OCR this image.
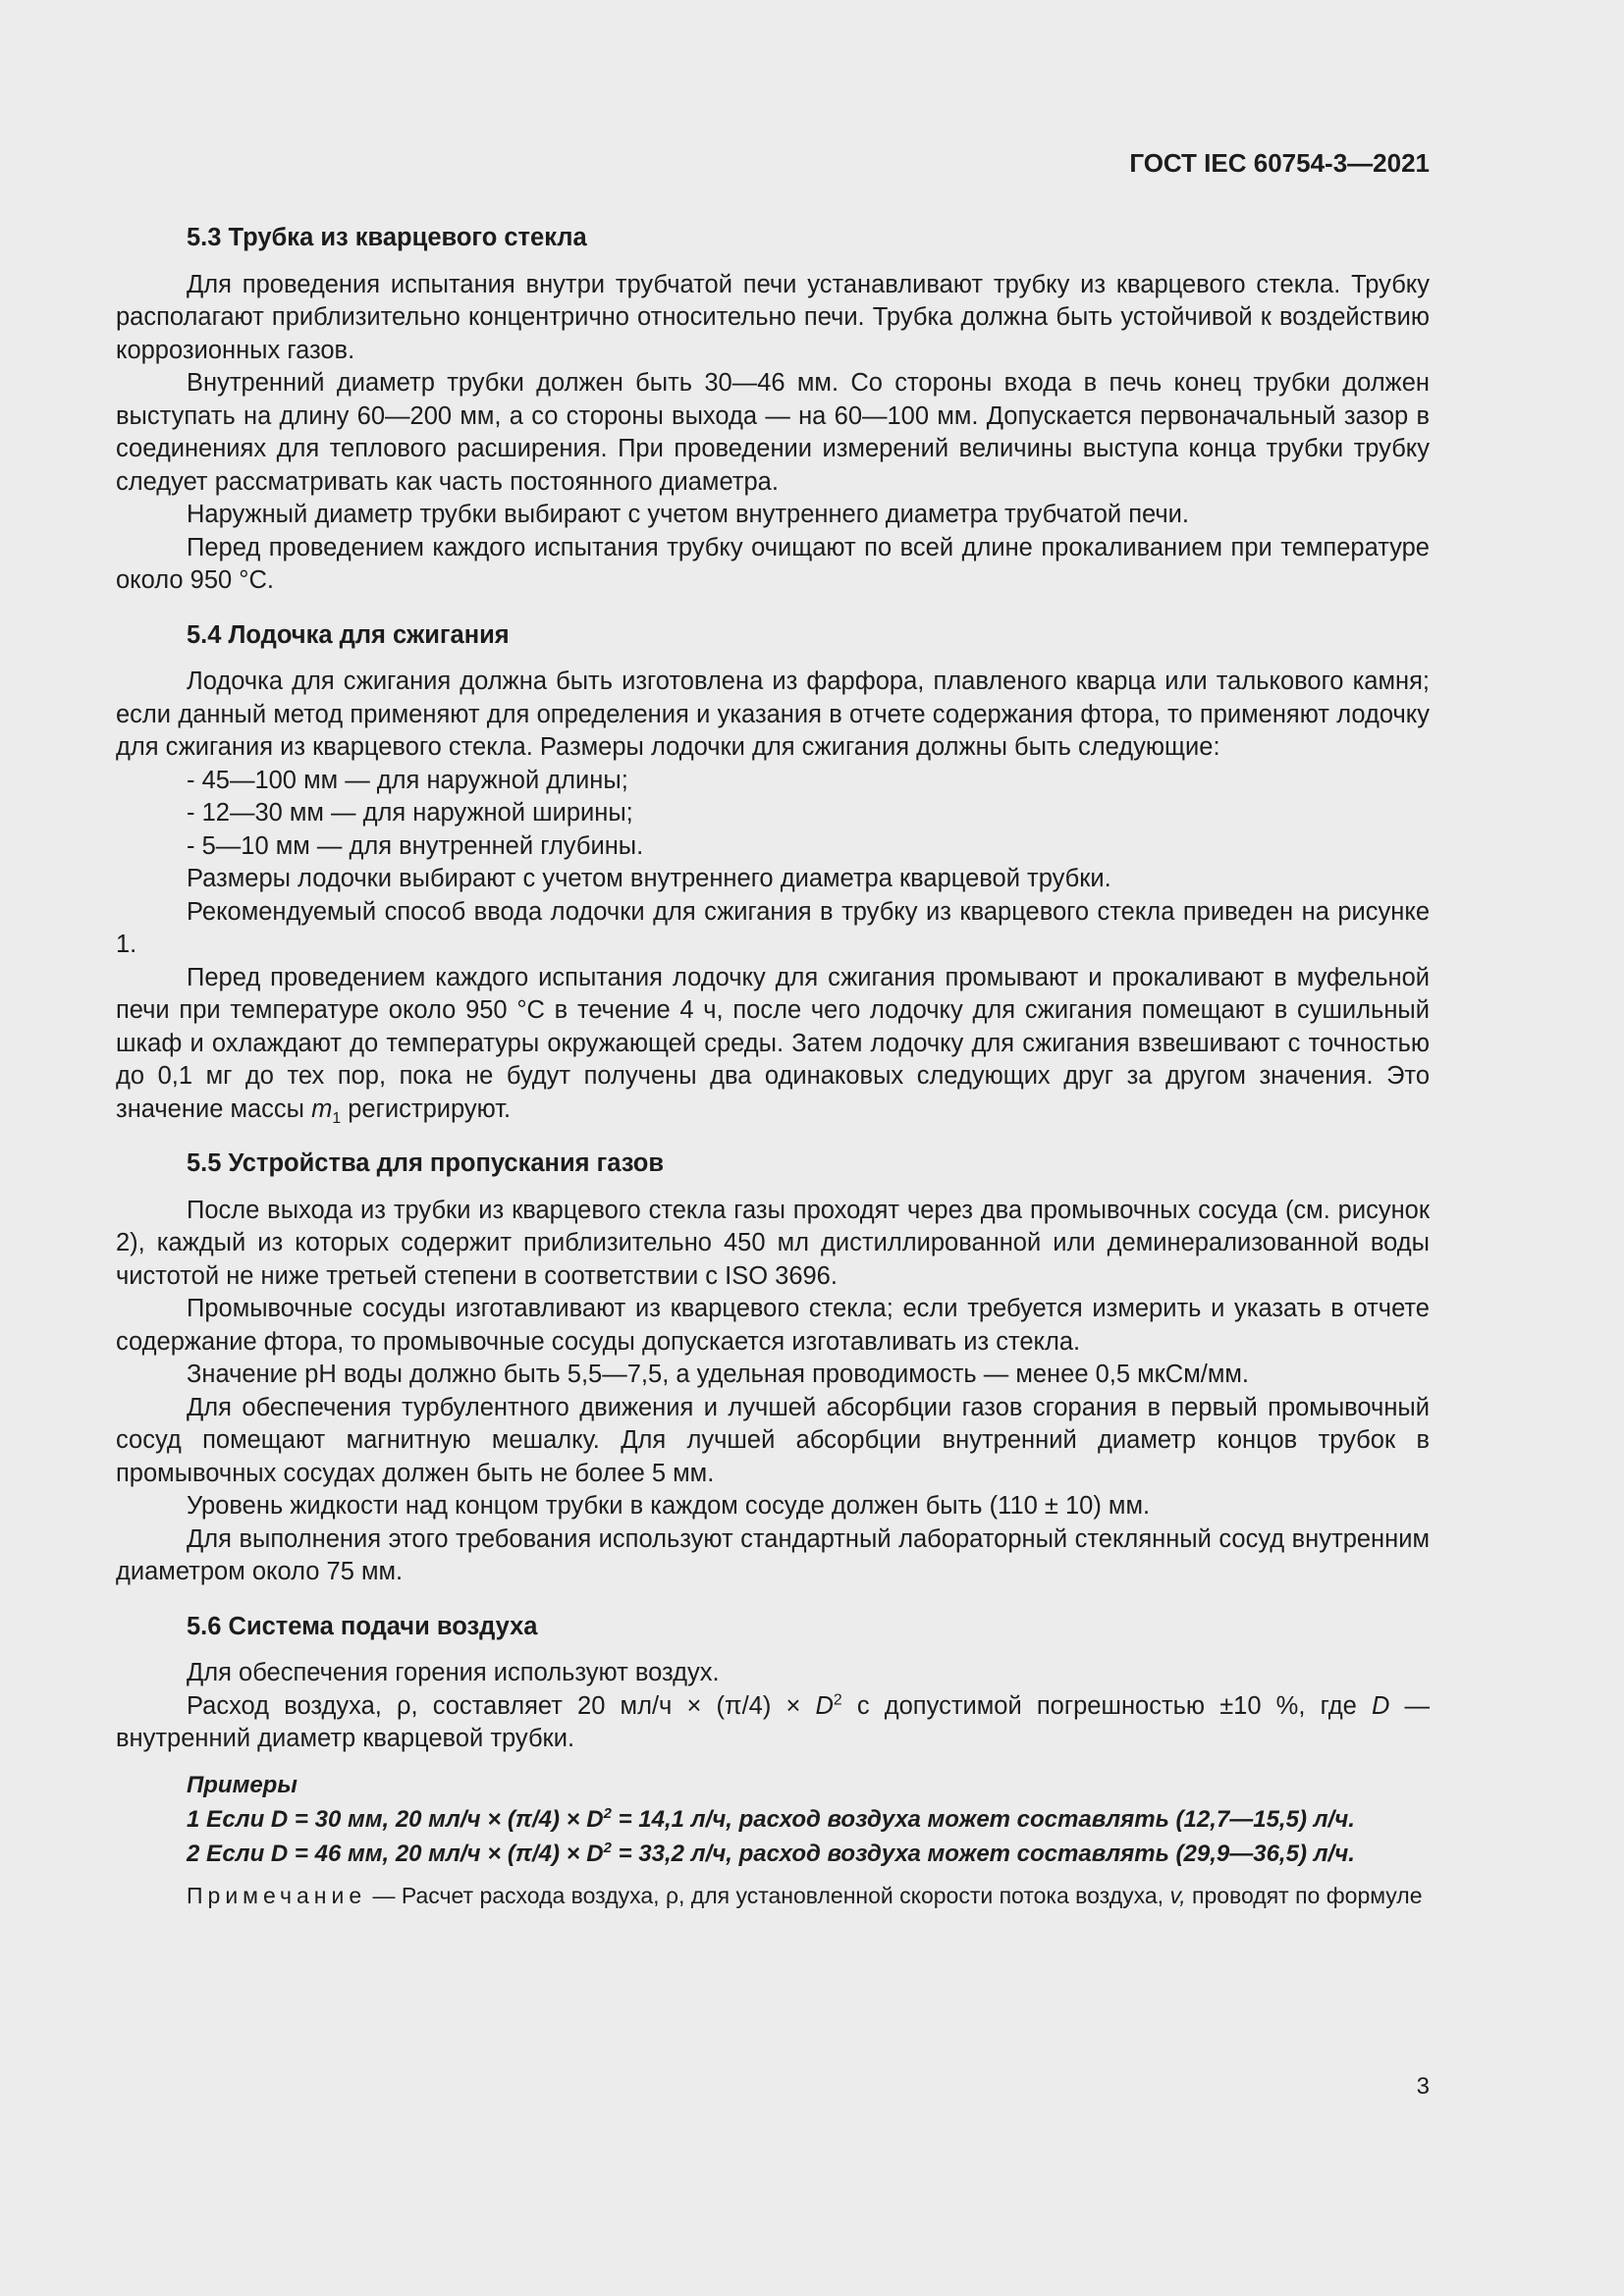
ГОСТ IEC 60754-3—2021

5.3 Трубка из кварцевого стекла

Для проведения испытания внутри трубчатой печи устанавливают трубку из кварцевого стекла. Трубку располагают приблизительно концентрично относительно печи. Трубка должна быть устойчивой к воздействию коррозионных газов.

Внутренний диаметр трубки должен быть 30—46 мм. Со стороны входа в печь конец трубки должен выступать на длину 60—200 мм, а со стороны выхода — на 60—100 мм. Допускается первоначальный зазор в соединениях для теплового расширения. При проведении измерений величины выступа конца трубки трубку следует рассматривать как часть постоянного диаметра.

Наружный диаметр трубки выбирают с учетом внутреннего диаметра трубчатой печи.

Перед проведением каждого испытания трубку очищают по всей длине прокаливанием при температуре около 950 °С.

5.4 Лодочка для сжигания

Лодочка для сжигания должна быть изготовлена из фарфора, плавленого кварца или талькового камня; если данный метод применяют для определения и указания в отчете содержания фтора, то применяют лодочку для сжигания из кварцевого стекла. Размеры лодочки для сжигания должны быть следующие:

- 45—100 мм — для наружной длины;

- 12—30 мм — для наружной ширины;

- 5—10 мм — для внутренней глубины.

Размеры лодочки выбирают с учетом внутреннего диаметра кварцевой трубки.

Рекомендуемый способ ввода лодочки для сжигания в трубку из кварцевого стекла приведен на рисунке 1.

Перед проведением каждого испытания лодочку для сжигания промывают и прокаливают в муфельной печи при температуре около 950 °С в течение 4 ч, после чего лодочку для сжигания помещают в сушильный шкаф и охлаждают до температуры окружающей среды. Затем лодочку для сжигания взвешивают с точностью до 0,1 мг до тех пор, пока не будут получены два одинаковых следующих друг за другом значения. Это значение массы $m_1$ регистрируют.

5.5 Устройства для пропускания газов

После выхода из трубки из кварцевого стекла газы проходят через два промывочных сосуда (см. рисунок 2), каждый из которых содержит приблизительно 450 мл дистиллированной или деминерализованной воды чистотой не ниже третьей степени в соответствии с ISO 3696.

Промывочные сосуды изготавливают из кварцевого стекла; если требуется измерить и указать в отчете содержание фтора, то промывочные сосуды допускается изготавливать из стекла.

Значение pH воды должно быть 5,5—7,5, а удельная проводимость — менее 0,5 мкСм/мм.

Для обеспечения турбулентного движения и лучшей абсорбции газов сгорания в первый промывочный сосуд помещают магнитную мешалку. Для лучшей абсорбции внутренний диаметр концов трубок в промывочных сосудах должен быть не более 5 мм.

Уровень жидкости над концом трубки в каждом сосуде должен быть (110 ± 10) мм.

Для выполнения этого требования используют стандартный лабораторный стеклянный сосуд внутренним диаметром около 75 мм.

5.6 Система подачи воздуха

Для обеспечения горения используют воздух.

Расход воздуха, ρ, составляет 20 $мл/ч \times (\pi/4) \times D^2$ с допустимой погрешностью ±10 %, где D — внутренний диаметр кварцевой трубки.

Примеры
1 Если D = 30 мм, 20 $мл/ч \times (\pi/4) \times D^2 = 14,1$ л/ч, расход воздуха может составлять (12,7—15,5) л/ч.
2 Если D = 46 мм, 20 $мл/ч \times (\pi/4) \times D^2 = 33,2$ л/ч, расход воздуха может составлять (29,9—36,5) л/ч.
Примечание — Расчет расхода воздуха, ρ, для установленной скорости потока воздуха, v, проводят по формуле

3
